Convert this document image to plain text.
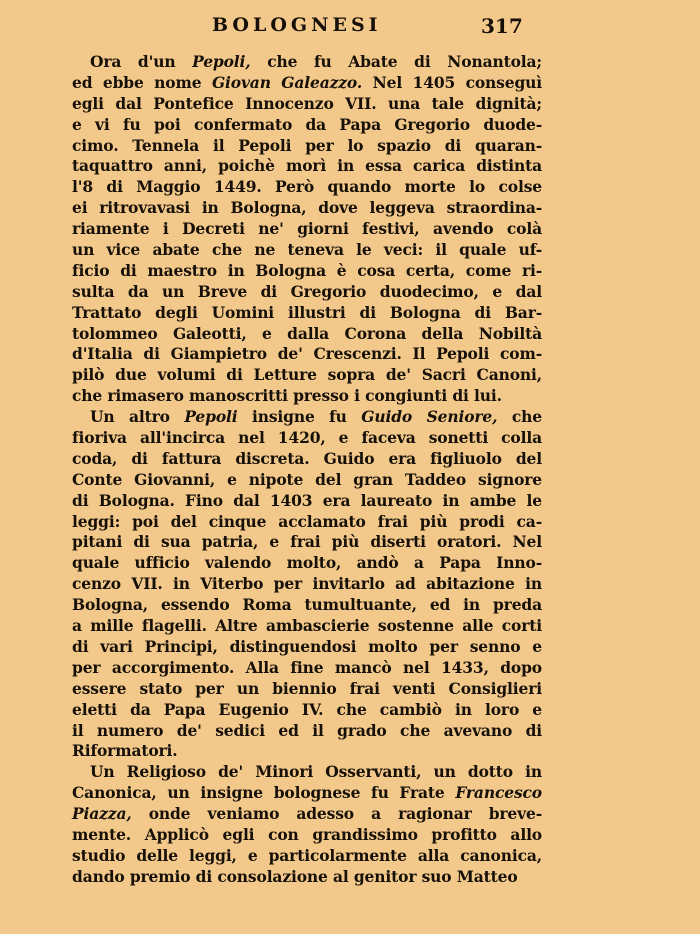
BOLOGNESI	317
Ora d'un Pepoli, che fu Abate di Nonantola;
ed ebbe nome Giovan Galeazzo. Nel 1405 conseguì
egli dal Pontefice Innocenzo VII. una tale dignità;
e vi fu poi confermato da Papa Gregorio duode-
cimo. Tennela il Pepoli per lo spazio di quaran-
taquattro anni, poichè morì in essa carica distinta
l'8 di Maggio 1449. Però quando morte lo colse
ei ritrovavasi in Bologna, dove leggeva straordina-
riamente i Decreti ne' giorni festivi, avendo colà
un vice abate che ne teneva le veci: il quale uf-
ficio di maestro in Bologna è cosa certa, come ri-
sulta da un Breve di Gregorio duodecimo, e dal
Trattato degli Uomini illustri di Bologna di Bar-
tolommeo Galeotti, e dalla Corona della Nobiltà
d'Italia di Giampietro de' Crescenzi. Il Pepoli com-
pilò due volumi di Letture sopra de' Sacri Canoni,
che rimasero manoscritti presso i congiunti di lui.
Un altro Pepoli insigne fu Guido Seniore, che
fioriva all'incirca nel 1420, e faceva sonetti colla
coda, di fattura discreta. Guido era figliuolo del
Conte Giovanni, e nipote del gran Taddeo signore
di Bologna. Fino dal 1403 era laureato in ambe le
leggi: poi del cinque acclamato frai più prodi ca-
pitani di sua patria, e frai più diserti oratori. Nel
quale ufficio valendo molto, andò a Papa Inno-
cenzo VII. in Viterbo per invitarlo ad abitazione in
Bologna, essendo Roma tumultuante, ed in preda
a mille flagelli. Altre ambascierie sostenne alle corti
di vari Principi, distinguendosi molto per senno e
per accorgimento. Alla fine mancò nel 1433, dopo
essere stato per un biennio frai venti Consiglieri
eletti da Papa Eugenio IV. che cambiò in loro e
il numero de' sedici ed il grado che avevano di
Riformatori.
Un Religioso de' Minori Osservanti, un dotto in
Canonica, un insigne bolognese fu Frate Francesco
Piazza, onde veniamo adesso a ragionar breve-
mente. Applicò egli con grandissimo profitto allo
studio delle leggi, e particolarmente alla canonica,
dando premio di consolazione al genitor suo Matteo
